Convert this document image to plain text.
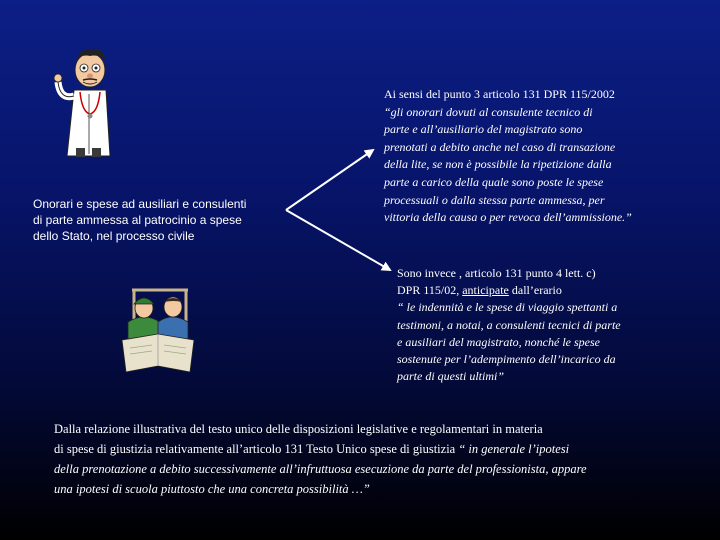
Onorari e spese ad ausiliari e consulenti
di parte ammessa al patrocinio a spese
dello Stato, nel processo civile
Ai sensi del punto 3 articolo 131 DPR 115/2002
“gli onorari dovuti al consulente tecnico di
parte e all’ausiliario del magistrato sono
prenotati a debito anche nel caso di transazione
della lite, se non è possibile la ripetizione dalla
parte a carico della quale sono poste le spese
processuali o dalla stessa parte ammessa, per
vittoria della causa o per revoca dell’ammissione.”
Sono invece , articolo 131 punto 4 lett. c)
DPR 115/02, anticipate dall’erario
“ le indennità e le spese di viaggio spettanti a
testimoni, a notai, a consulenti tecnici di parte
e ausiliari del magistrato, nonché le spese
sostenute per l’adempimento dell’incarico da
parte di questi ultimi”
Dalla relazione illustrativa del testo unico delle disposizioni legislative e regolamentari in materia
di spese di giustizia relativamente all’articolo 131 Testo Unico spese di giustizia “ in generale l’ipotesi
della prenotazione a debito successivamente all’infruttuosa esecuzione da parte del professionista, appare
una ipotesi di scuola piuttosto che una concreta possibilità …”
